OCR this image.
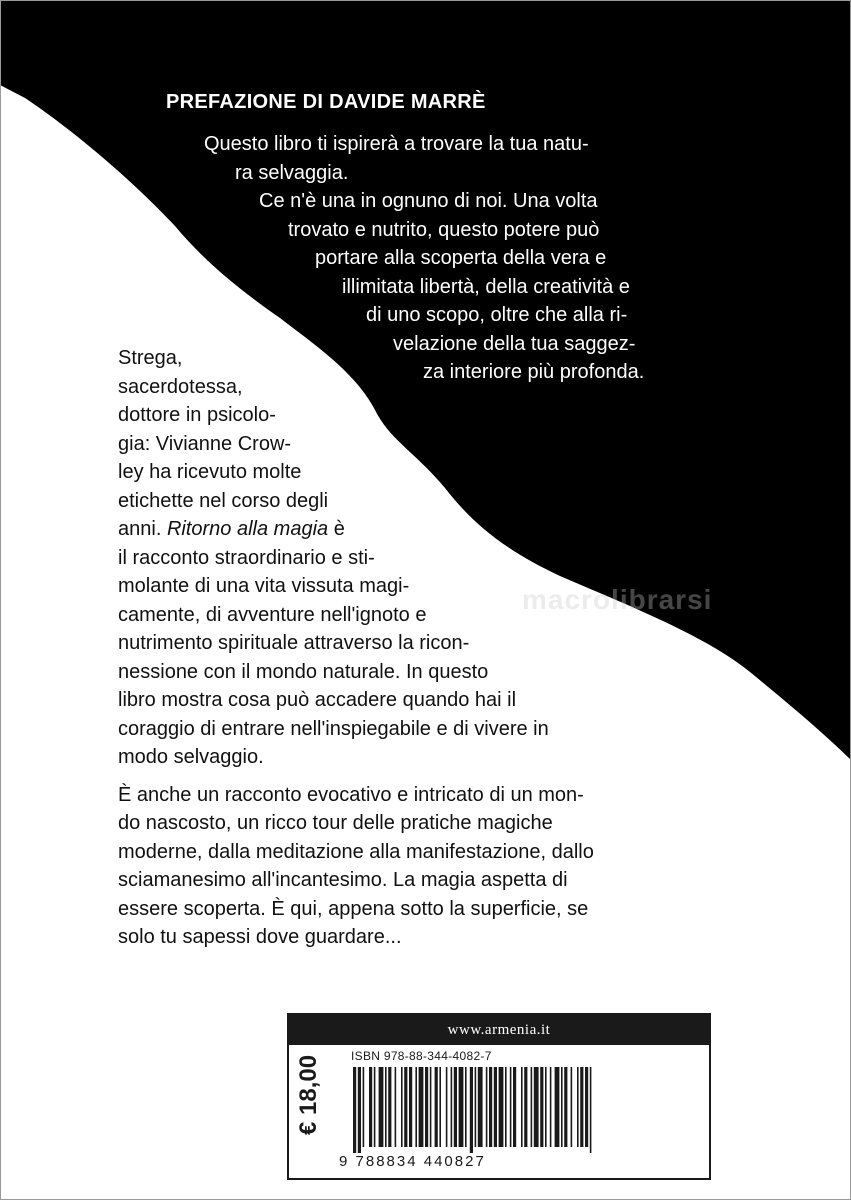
PREFAZIONE DI DAVIDE MARRÈ
Questo libro ti ispirerà a trovare la tua natu-
ra selvaggia.
Ce n'è una in ognuno di noi. Una volta
trovato e nutrito, questo potere può
portare alla scoperta della vera e
illimitata libertà, della creatività e
di uno scopo, oltre che alla ri-
velazione della tua saggez-
za interiore più profonda.
Strega,
sacerdotessa,
dottore in psicolo-
gia: Vivianne Crow-
ley ha ricevuto molte
etichette nel corso degli
anni. Ritorno alla magia è
il racconto straordinario e sti-
molante di una vita vissuta magi-
camente, di avventure nell'ignoto e
nutrimento spirituale attraverso la ricon-
nessione con il mondo naturale. In questo
libro mostra cosa può accadere quando hai il
coraggio di entrare nell'inspiegabile e di vivere in
modo selvaggio.
È anche un racconto evocativo e intricato di un mon-
do nascosto, un ricco tour delle pratiche magiche
moderne, dalla meditazione alla manifestazione, dallo
sciamanesimo all'incantesimo. La magia aspetta di
essere scoperta. È qui, appena sotto la superficie, se
solo tu sapessi dove guardare...
macrolibrarsi
www.armenia.it
€ 18,00 ISBN 978-88-344-4082-7
9 788834 440827
